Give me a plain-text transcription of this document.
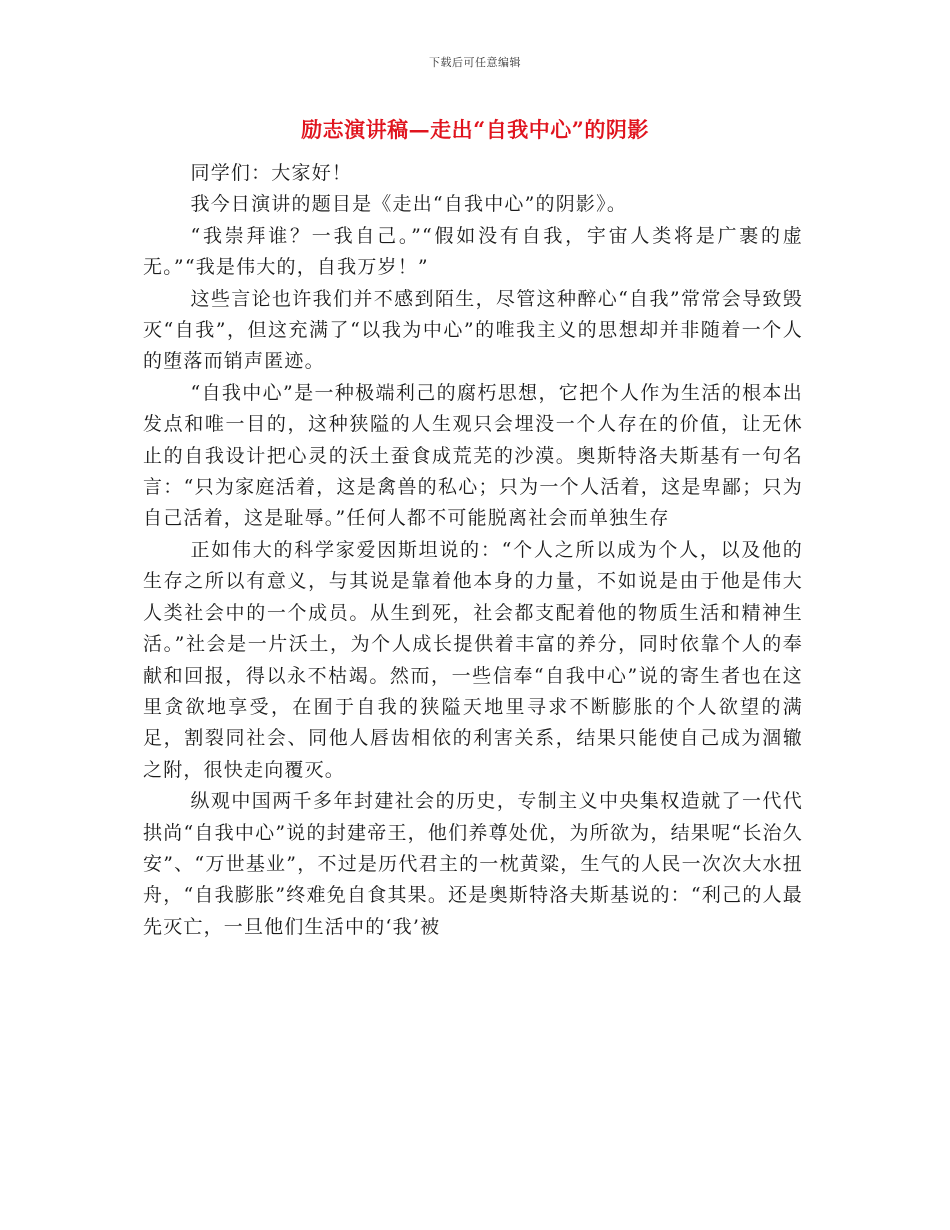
下载后可任意编辑
励志演讲稿—走出“自我中心”的阴影

同学们：大家好！

我今日演讲的题目是《走出“自我中心”的阴影》。

“我崇拜谁？一我自己。”“假如没有自我，宇宙人类将是广裹的虚无。”“我是伟大的，自我万岁！”

这些言论也许我们并不感到陌生，尽管这种醉心“自我”常常会导致毁灭“自我”，但这充满了“以我为中心”的唯我主义的思想却并非随着一个人的堕落而销声匿迹。

“自我中心”是一种极端利己的腐朽思想，它把个人作为生活的根本出发点和唯一目的，这种狭隘的人生观只会埋没一个人存在的价值，让无休止的自我设计把心灵的沃土蚕食成荒芜的沙漠。奥斯特洛夫斯基有一句名言：“只为家庭活着，这是禽兽的私心；只为一个人活着，这是卑鄙；只为自己活着，这是耻辱。”任何人都不可能脱离社会而单独生存

正如伟大的科学家爱因斯坦说的：“个人之所以成为个人，以及他的生存之所以有意义，与其说是靠着他本身的力量，不如说是由于他是伟大人类社会中的一个成员。从生到死，社会都支配着他的物质生活和精神生活。”社会是一片沃土，为个人成长提供着丰富的养分，同时依靠个人的奉献和回报，得以永不枯竭。然而，一些信奉“自我中心”说的寄生者也在这里贪欲地享受，在囿于自我的狭隘天地里寻求不断膨胀的个人欲望的满足，割裂同社会、同他人唇齿相依的利害关系，结果只能使自己成为涸辙之附，很快走向覆灭。

纵观中国两千多年封建社会的历史，专制主义中央集权造就了一代代拱尚“自我中心”说的封建帝王，他们养尊处优，为所欲为，结果呢“长治久安”、“万世基业”，不过是历代君主的一枕黄粱，生气的人民一次次大水扭舟，“自我膨胀”终难免自食其果。还是奥斯特洛夫斯基说的：“利己的人最先灭亡，一旦他们生活中的‘我’被
